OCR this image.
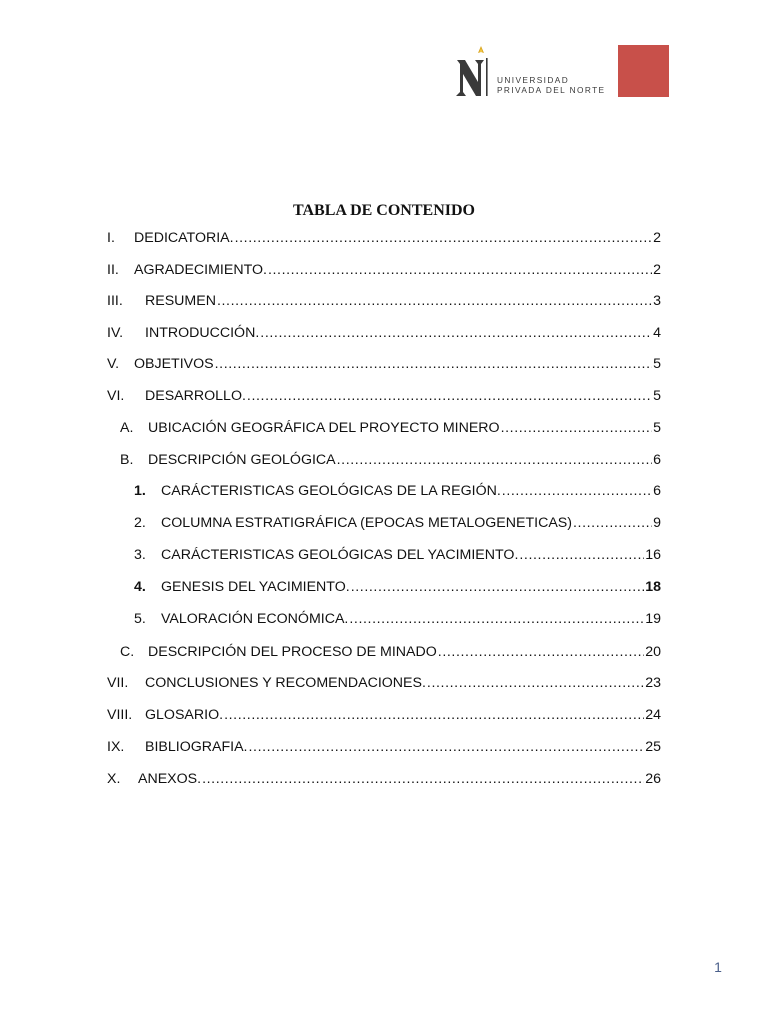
UNIVERSIDAD
PRIVADA DEL NORTE
TABLA DE CONTENIDO
I.	DEDICATORIA. .....	2
II.	AGRADECIMIENTO. .....	2
III.	RESUMEN .....	3
IV.	INTRODUCCIÓN. .....	4
V.	OBJETIVOS .....	5
VI.	DESARROLLO. .....	5
A.	UBICACIÓN GEOGRÁFICA DEL PROYECTO MINERO .....	5
B.	DESCRIPCIÓN GEOLÓGICA .....	6
1.	CARÁCTERISTICAS GEOLÓGICAS DE LA REGIÓN. .....	6
2.	COLUMNA ESTRATIGRÁFICA (EPOCAS METALOGENETICAS) .....	9
3.	CARÁCTERISTICAS GEOLÓGICAS DEL YACIMIENTO. .....	16
4.	GENESIS DEL YACIMIENTO. .....	18
5.	VALORACIÓN ECONÓMICA. .....	19
C. DESCRIPCIÓN DEL PROCESO DE MINADO .....	20
VII.	CONCLUSIONES Y RECOMENDACIONES. .....	23
VIII. GLOSARIO. .....	24
IX.	BIBLIOGRAFIA. .....	25
X.	ANEXOS. .....	26
1
